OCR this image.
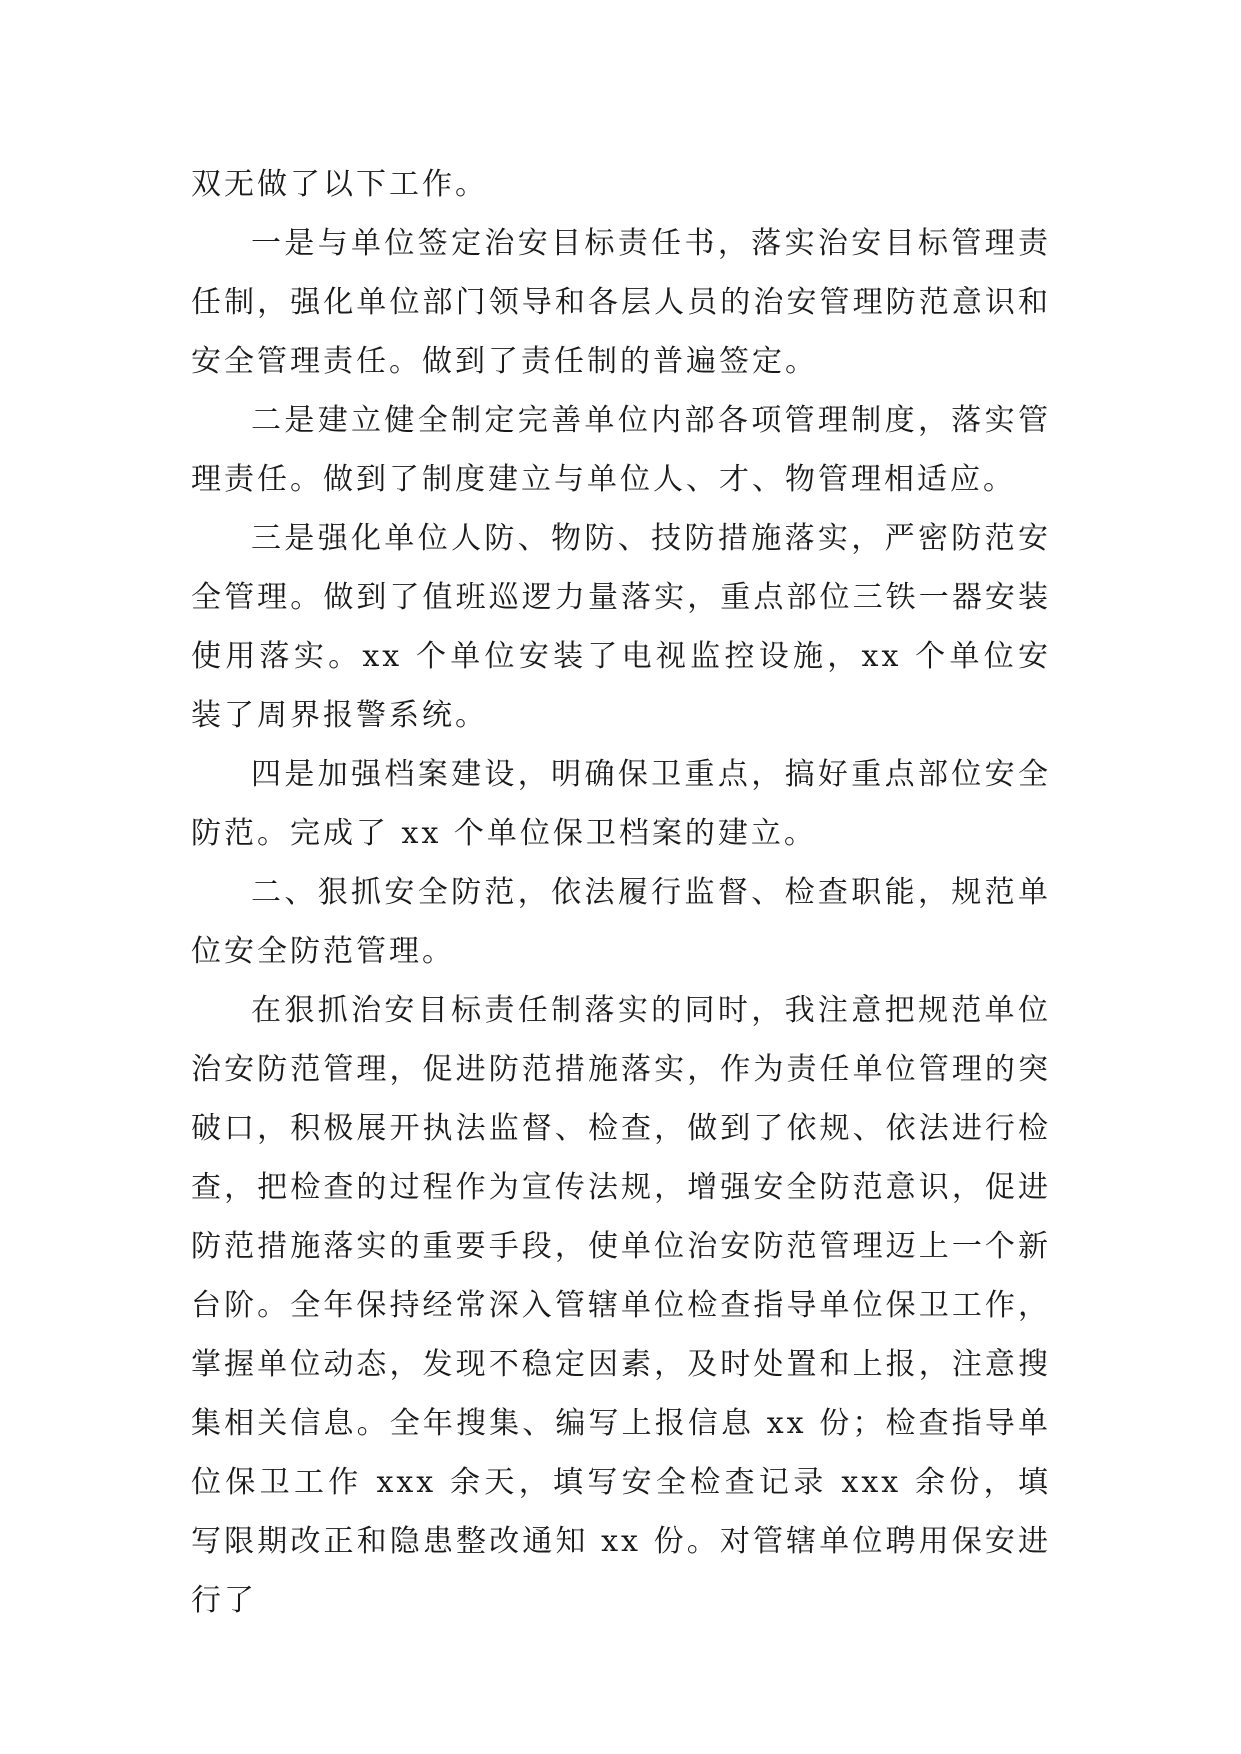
双无做了以下工作。

一是与单位签定治安目标责任书，落实治安目标管理责任制，强化单位部门领导和各层人员的治安管理防范意识和安全管理责任。做到了责任制的普遍签定。

二是建立健全制定完善单位内部各项管理制度，落实管理责任。做到了制度建立与单位人、才、物管理相适应。

三是强化单位人防、物防、技防措施落实，严密防范安全管理。做到了值班巡逻力量落实，重点部位三铁一器安装使用落实。xx 个单位安装了电视监控设施，xx 个单位安装了周界报警系统。

四是加强档案建设，明确保卫重点，搞好重点部位安全防范。完成了 xx 个单位保卫档案的建立。

二、狠抓安全防范，依法履行监督、检查职能，规范单位安全防范管理。

在狠抓治安目标责任制落实的同时，我注意把规范单位治安防范管理，促进防范措施落实，作为责任单位管理的突破口，积极展开执法监督、检查，做到了依规、依法进行检查，把检查的过程作为宣传法规，增强安全防范意识，促进防范措施落实的重要手段，使单位治安防范管理迈上一个新台阶。全年保持经常深入管辖单位检查指导单位保卫工作，掌握单位动态，发现不稳定因素，及时处置和上报，注意搜集相关信息。全年搜集、编写上报信息 xx 份；检查指导单位保卫工作 xxx 余天，填写安全检查记录 xxx 余份，填写限期改正和隐患整改通知 xx 份。对管辖单位聘用保安进行了
